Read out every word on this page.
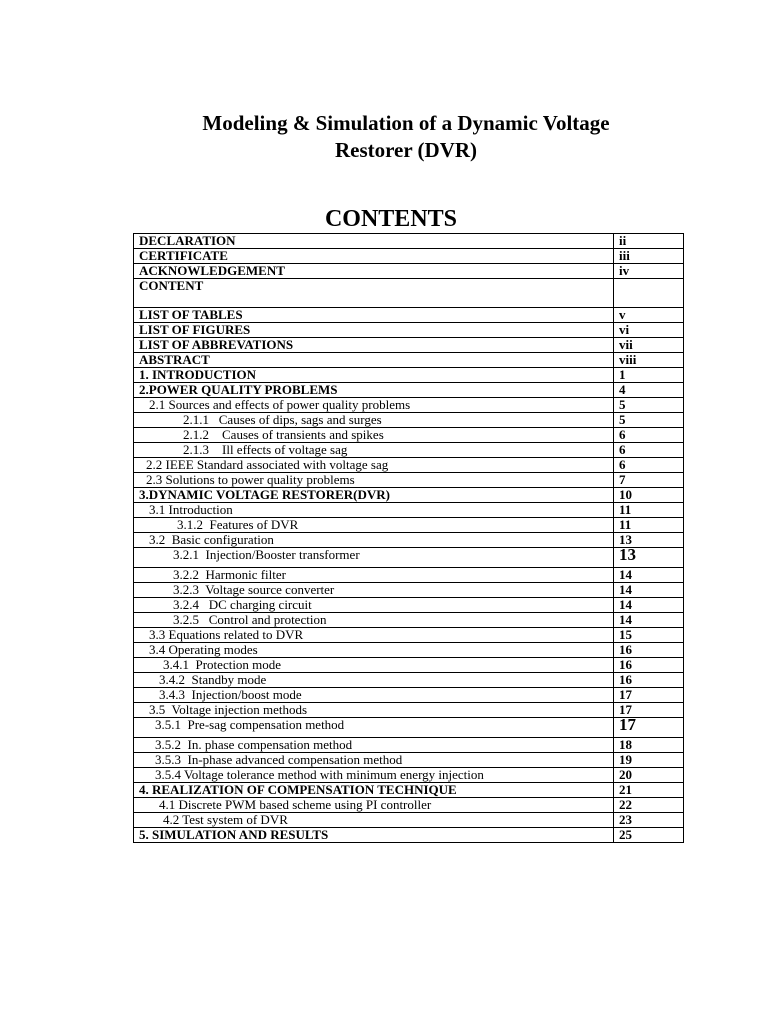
Modeling & Simulation of a Dynamic Voltage
Restorer (DVR)
CONTENTS
DECLARATION	ii
CERTIFICATE	iii
ACKNOWLEDGEMENT	iv
CONTENT	
LIST OF TABLES	v
LIST OF FIGURES	vi
LIST OF ABBREVATIONS	vii
ABSTRACT	viii
1. INTRODUCTION	1
2.POWER QUALITY PROBLEMS	4
2.1 Sources and effects of power quality problems	5
2.1.1   Causes of dips, sags and surges	5
2.1.2    Causes of transients and spikes	6
2.1.3    Ill effects of voltage sag	6
2.2 IEEE Standard associated with voltage sag	6
2.3 Solutions to power quality problems	7
3.DYNAMIC VOLTAGE RESTORER(DVR)	10
3.1 Introduction	11
3.1.2  Features of DVR	11
3.2  Basic configuration	13
3.2.1  Injection/Booster transformer	13
3.2.2  Harmonic filter	14
3.2.3  Voltage source converter	14
3.2.4   DC charging circuit	14
3.2.5   Control and protection	14
3.3 Equations related to DVR	15
3.4 Operating modes	16
3.4.1  Protection mode	16
3.4.2  Standby mode	16
3.4.3  Injection/boost mode	17
3.5  Voltage injection methods	17
3.5.1  Pre-sag compensation method	17
3.5.2  In. phase compensation method	18
3.5.3  In-phase advanced compensation method	19
3.5.4 Voltage tolerance method with minimum energy injection	20
4. REALIZATION OF COMPENSATION TECHNIQUE	21
4.1 Discrete PWM based scheme using PI controller	22
4.2 Test system of DVR	23
5. SIMULATION AND RESULTS	25
